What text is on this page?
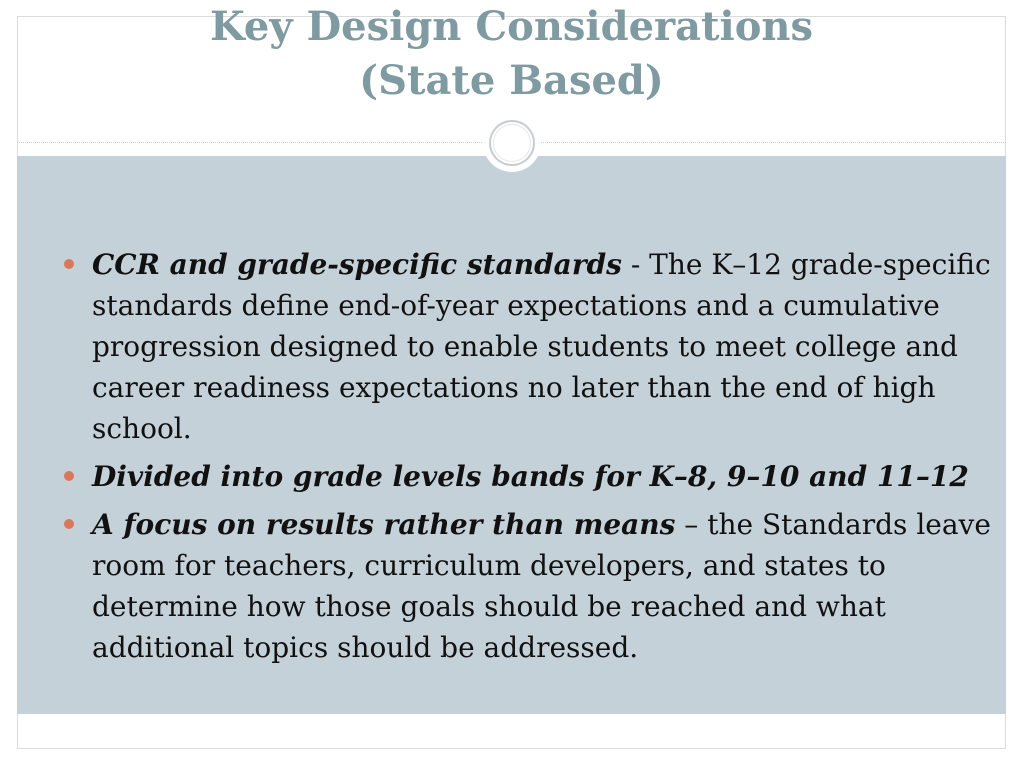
Key Design Considerations
(State Based)
CCR and grade-specific standards - The K–12 grade-specific standards define end-of-year expectations and a cumulative progression designed to enable students to meet college and career readiness expectations no later than the end of high school.
Divided into grade levels bands for K–8, 9–10 and 11–12
A focus on results rather than means – the Standards leave room for teachers, curriculum developers, and states to determine how those goals should be reached and what additional topics should be addressed.
